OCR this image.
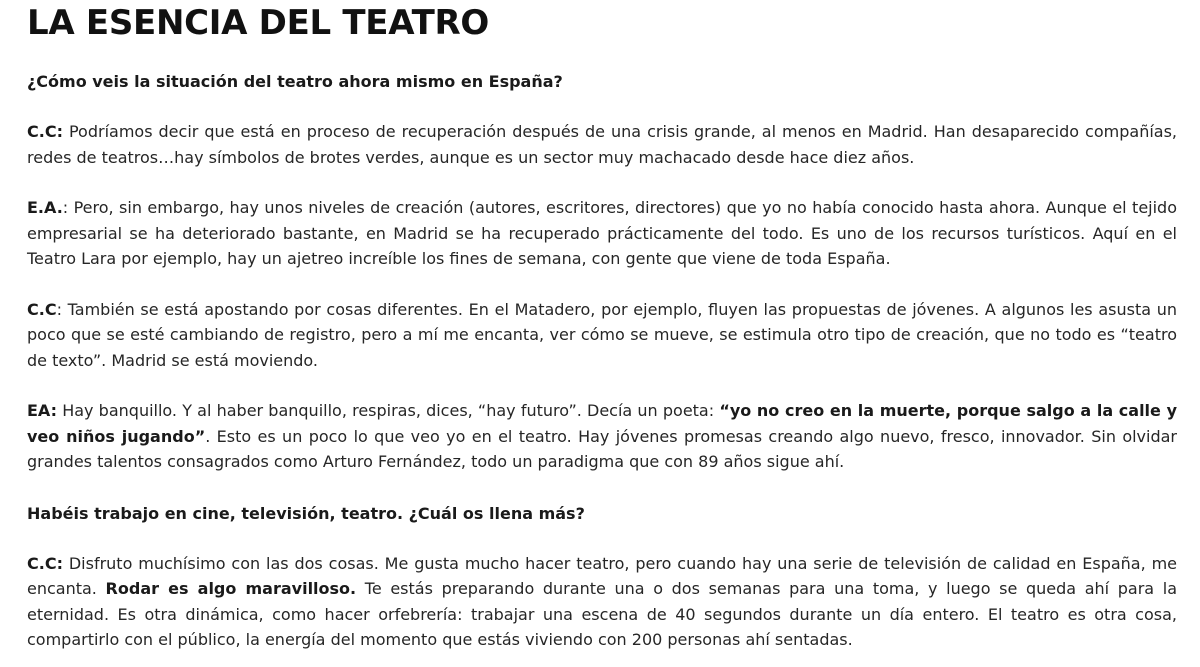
LA ESENCIA DEL TEATRO

¿Cómo veis la situación del teatro ahora mismo en España?

C.C: Podríamos decir que está en proceso de recuperación después de una crisis grande, al menos en Madrid. Han desaparecido compañías, redes de teatros…hay símbolos de brotes verdes, aunque es un sector muy machacado desde hace diez años.

E.A.: Pero, sin embargo, hay unos niveles de creación (autores, escritores, directores) que yo no había conocido hasta ahora. Aunque el tejido empresarial se ha deteriorado bastante, en Madrid se ha recuperado prácticamente del todo. Es uno de los recursos turísticos. Aquí en el Teatro Lara por ejemplo, hay un ajetreo increíble los fines de semana, con gente que viene de toda España.

C.C: También se está apostando por cosas diferentes. En el Matadero, por ejemplo, fluyen las propuestas de jóvenes. A algunos les asusta un poco que se esté cambiando de registro, pero a mí me encanta, ver cómo se mueve, se estimula otro tipo de creación, que no todo es “teatro de texto”. Madrid se está moviendo.

EA: Hay banquillo. Y al haber banquillo, respiras, dices, “hay futuro”. Decía un poeta: “yo no creo en la muerte, porque salgo a la calle y veo niños jugando”. Esto es un poco lo que veo yo en el teatro. Hay jóvenes promesas creando algo nuevo, fresco, innovador. Sin olvidar grandes talentos consagrados como Arturo Fernández, todo un paradigma que con 89 años sigue ahí.

Habéis trabajo en cine, televisión, teatro. ¿Cuál os llena más?

C.C: Disfruto muchísimo con las dos cosas. Me gusta mucho hacer teatro, pero cuando hay una serie de televisión de calidad en España, me encanta. Rodar es algo maravilloso. Te estás preparando durante una o dos semanas para una toma, y luego se queda ahí para la eternidad. Es otra dinámica, como hacer orfebrería: trabajar una escena de 40 segundos durante un día entero. El teatro es otra cosa, compartirlo con el público, la energía del momento que estás viviendo con 200 personas ahí sentadas.
